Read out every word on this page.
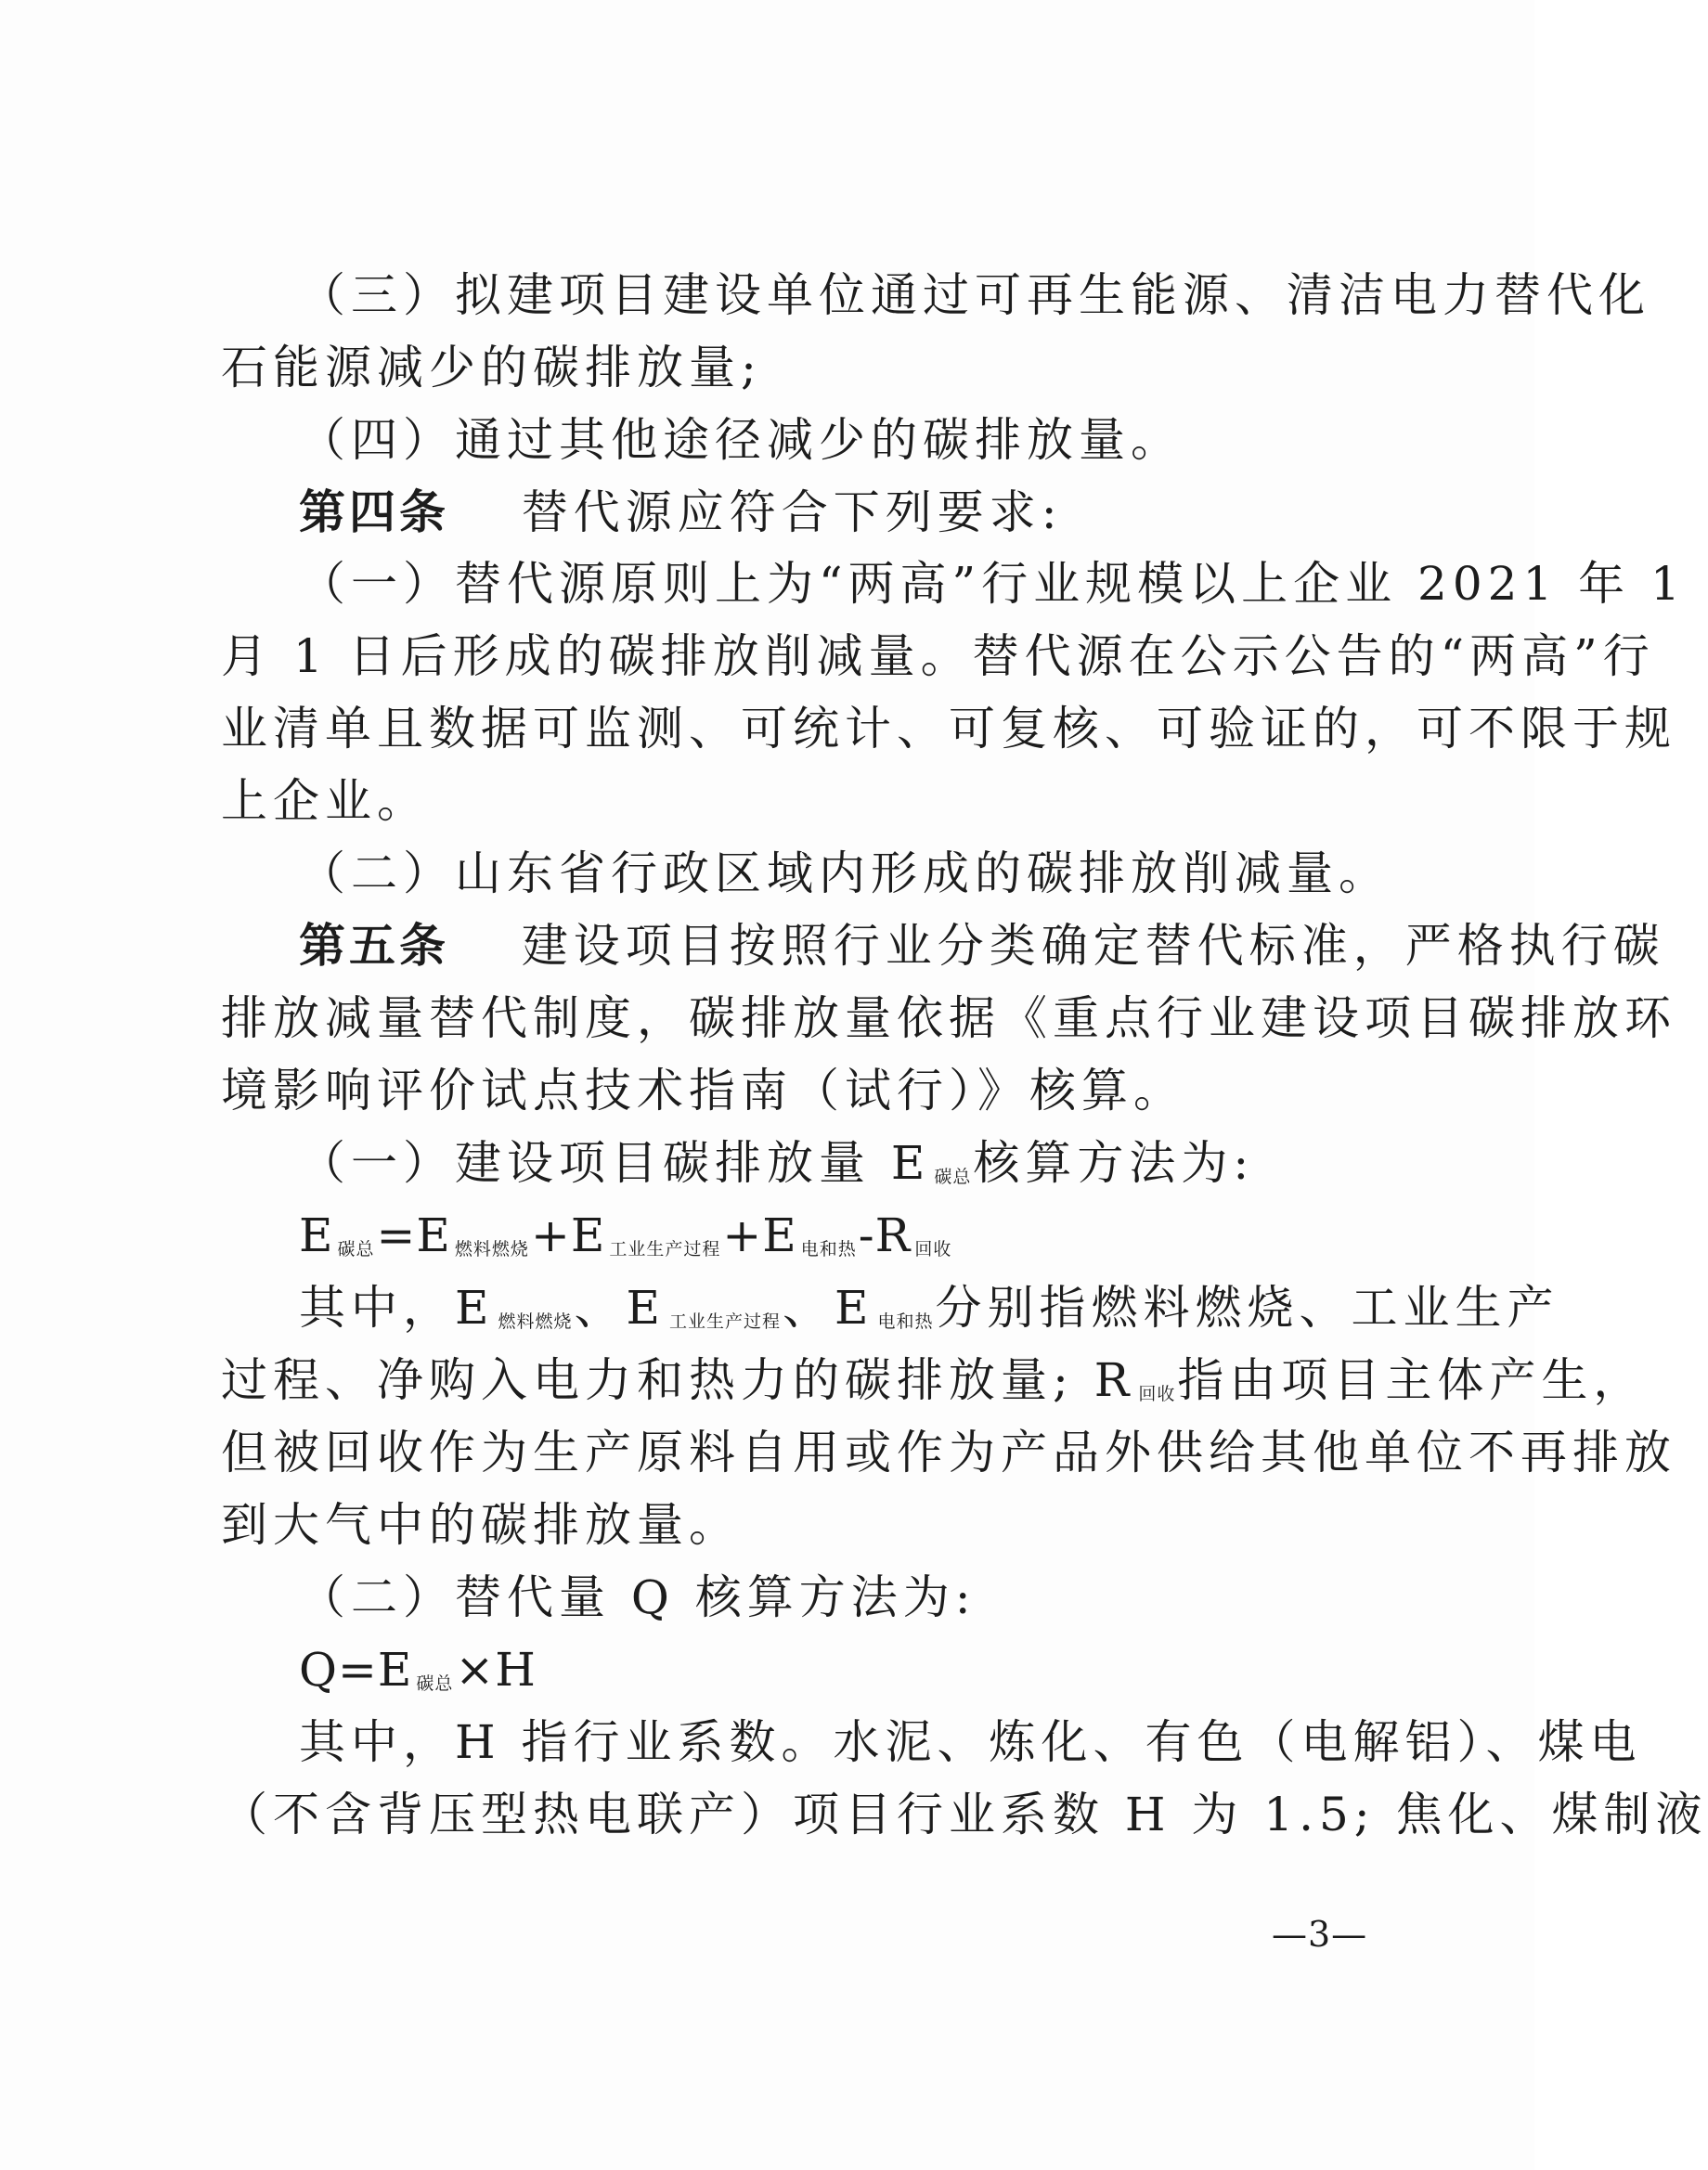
（三）拟建项目建设单位通过可再生能源、清洁电力替代化
石能源减少的碳排放量;
（四）通过其他途径减少的碳排放量。
第四条 替代源应符合下列要求:
（一）替代源原则上为“两高”行业规模以上企业 2021 年 1
月 1 日后形成的碳排放削减量。替代源在公示公告的“两高”行
业清单且数据可监测、可统计、可复核、可验证的，可不限于规
上企业。
（二）山东省行政区域内形成的碳排放削减量。
第五条 建设项目按照行业分类确定替代标准，严格执行碳
排放减量替代制度，碳排放量依据《重点行业建设项目碳排放环
境影响评价试点技术指南（试行）》核算。
（一）建设项目碳排放量 E $_{碳总}$核算方法为:
E $_{碳总}$=E $_{燃料燃烧}$+E $_{工业生产过程}$+E $_{电和热}$-R $_{回收}$
其中，E $_{燃料燃烧}$、E $_{工业生产过程}$、E $_{电和热}$分别指燃料燃烧、工业生产
过程、净购入电力和热力的碳排放量; R $_{回收}$指由项目主体产生，
但被回收作为生产原料自用或作为产品外供给其他单位不再排放
到大气中的碳排放量。
（二）替代量 Q 核算方法为:
Q=E $_{碳总}$×H
其中，H 指行业系数。水泥、炼化、有色（电解铝）、煤电
（不含背压型热电联产）项目行业系数 H 为 1.5; 焦化、煤制液
—3—
